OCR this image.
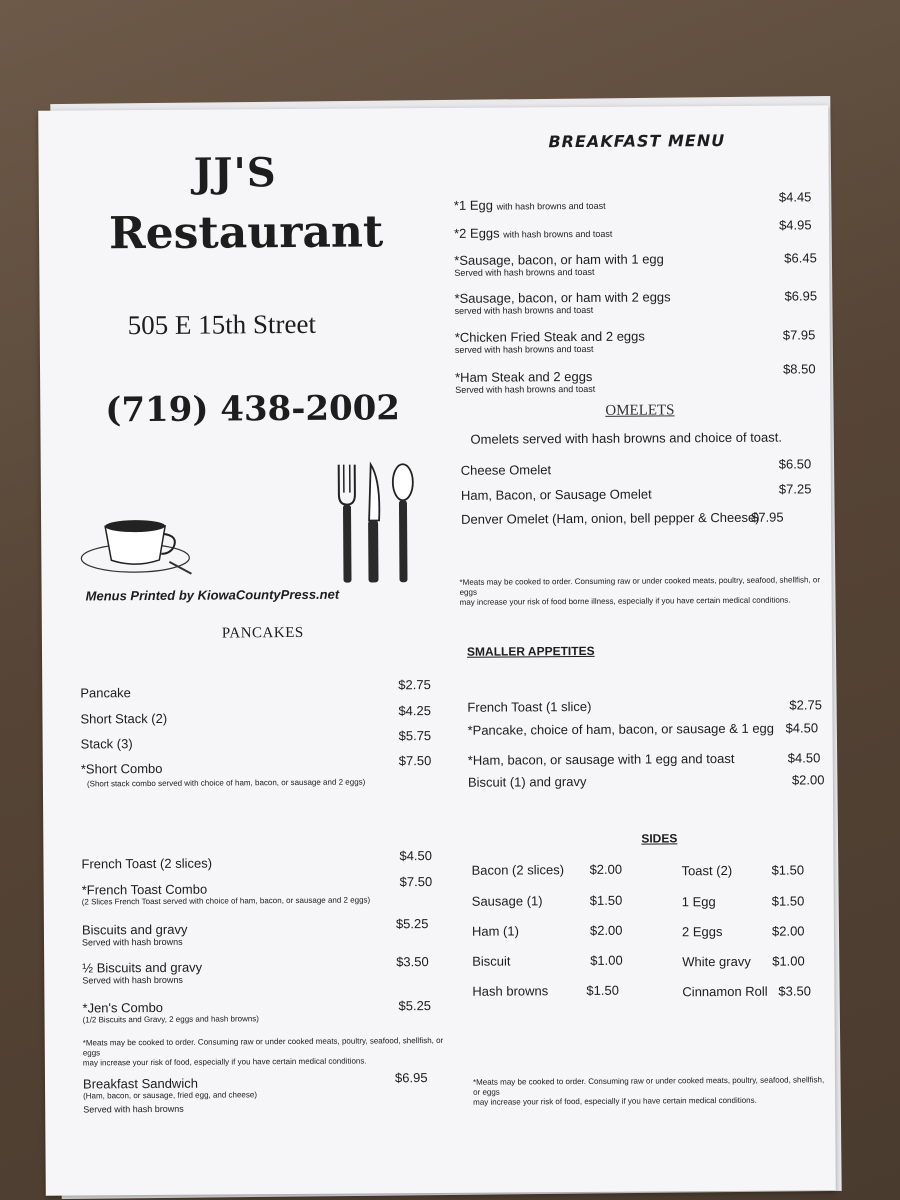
JJ'S
Restaurant
505 E 15th Street
(719) 438-2002
Menus Printed by KiowaCountyPress.net
BREAKFAST MENU
*1 Egg with hash browns and toast
$4.45
*2 Eggs with hash browns and toast
$4.95
*Sausage, bacon, or ham with 1 egg
Served with hash browns and toast
$6.45
*Sausage, bacon, or ham with 2 eggs
served with hash browns and toast
$6.95
*Chicken Fried Steak and 2 eggs
served with hash browns and toast
$7.95
*Ham Steak and 2 eggs
Served with hash browns and toast
$8.50
OMELETS
Omelets served with hash browns and choice of toast.
Cheese Omelet	$6.50
Ham, Bacon, or Sausage Omelet	$7.25
Denver Omelet (Ham, onion, bell pepper & Cheese)
$7.95
*Meats may be cooked to order. Consuming raw or under cooked meats, poultry, seafood, shellfish, or eggs
may increase your risk of food borne illness, especially if you have certain medical conditions.
SMALLER APPETITES
French Toast (1 slice)	$2.75
*Pancake, choice of ham, bacon, or sausage & 1 egg $4.50
*Ham, bacon, or sausage with 1 egg and toast	$4.50
Biscuit (1) and gravy	$2.00
SIDES
Bacon (2 slices) $2.00
Sausage (1)	$1.50
Ham (1)	$2.00
Biscuit	$1.00
Hash browns	$1.50
Toast (2)	$1.50
1 Egg	$1.50
2 Eggs	$2.00
White gravy $1.00
Cinnamon Roll $3.50
*Meats may be cooked to order. Consuming raw or under cooked meats, poultry, seafood, shellfish, or eggs
may increase your risk of food, especially if you have certain medical conditions.
PANCAKES
Pancake
$2.75
Short Stack (2)
$4.25
Stack (3)
$5.75
*Short Combo
(Short stack combo served with choice of ham, bacon, or sausage and 2 eggs)
$7.50
French Toast (2 slices)	$4.50
*French Toast Combo
(2 Slices French Toast served with choice of ham, bacon, or sausage and 2 eggs)
$7.50
Biscuits and gravy
Served with hash browns
$5.25
½ Biscuits and gravy
Served with hash browns
$3.50
*Jen's Combo
(1/2 Biscuits and Gravy, 2 eggs and hash browns)
$5.25
*Meats may be cooked to order. Consuming raw or under cooked meats, poultry, seafood, shellfish, or eggs
may increase your risk of food, especially if you have certain medical conditions.
Breakfast Sandwich
(Ham, bacon, or sausage, fried egg, and cheese)
Served with hash browns
$6.95
